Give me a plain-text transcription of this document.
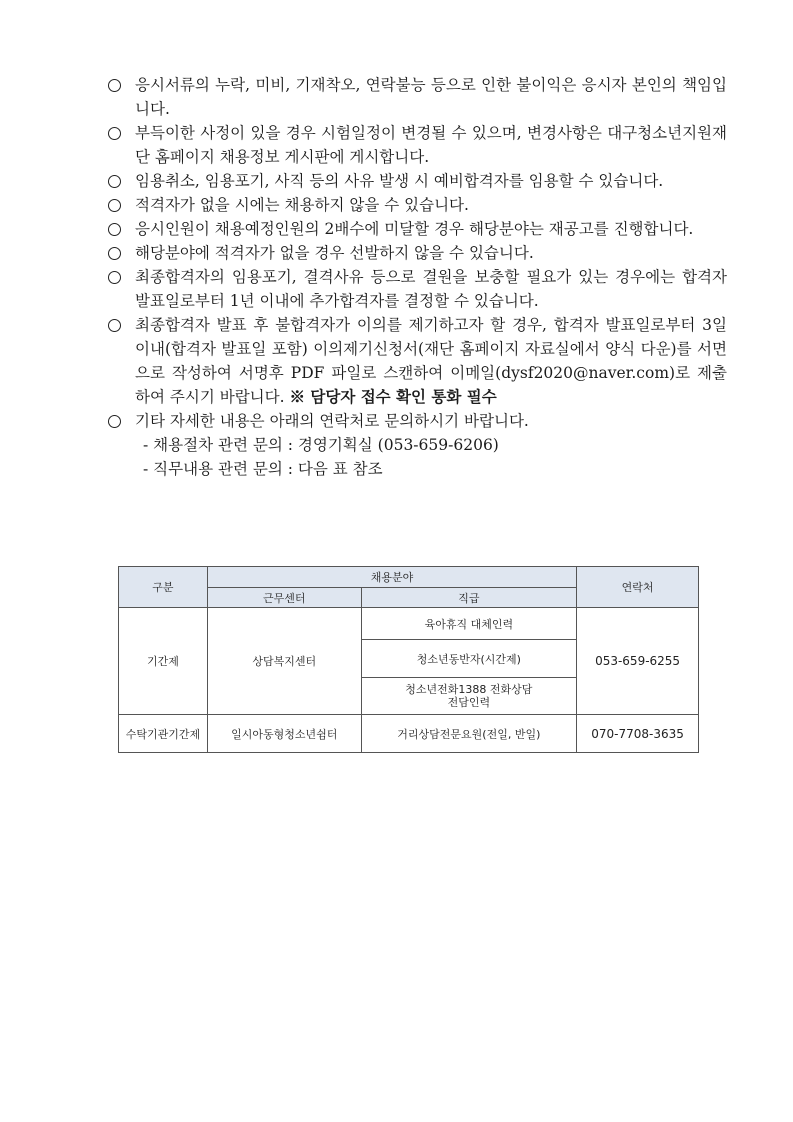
응시서류의 누락, 미비, 기재착오, 연락불능 등으로 인한 불이익은 응시자 본인의 책임입니다.
부득이한 사정이 있을 경우 시험일정이 변경될 수 있으며, 변경사항은 대구청소년지원재단 홈페이지 채용정보 게시판에 게시합니다.
임용취소, 임용포기, 사직 등의 사유 발생 시 예비합격자를 임용할 수 있습니다.
적격자가 없을 시에는 채용하지 않을 수 있습니다.
응시인원이 채용예정인원의 2배수에 미달할 경우 해당분야는 재공고를 진행합니다.
해당분야에 적격자가 없을 경우 선발하지 않을 수 있습니다.
최종합격자의 임용포기, 결격사유 등으로 결원을 보충할 필요가 있는 경우에는 합격자 발표일로부터 1년 이내에 추가합격자를 결정할 수 있습니다.
최종합격자 발표 후 불합격자가 이의를 제기하고자 할 경우, 합격자 발표일로부터 3일 이내(합격자 발표일 포함) 이의제기신청서(재단 홈페이지 자료실에서 양식 다운)를 서면으로 작성하여 서명후 PDF 파일로 스캔하여 이메일(dysf2020@naver.com)로 제출하여 주시기 바랍니다. ※ 담당자 접수 확인 통화 필수
기타 자세한 내용은 아래의 연락처로 문의하시기 바랍니다.
- 채용절차 관련 문의 : 경영기획실 (053-659-6206)
- 직무내용 관련 문의 : 다음 표 참조
구분	채용분야		연락처
	근무센터	직급	
기간제	상담복지센터	육아휴직 대체인력	053-659-6255
		청소년동반자(시간제)	
		청소년전화1388 전화상담
전담인력	
수탁기관기간제	일시아동형청소년쉼터	거리상담전문요원(전일, 반일)	070-7708-3635
